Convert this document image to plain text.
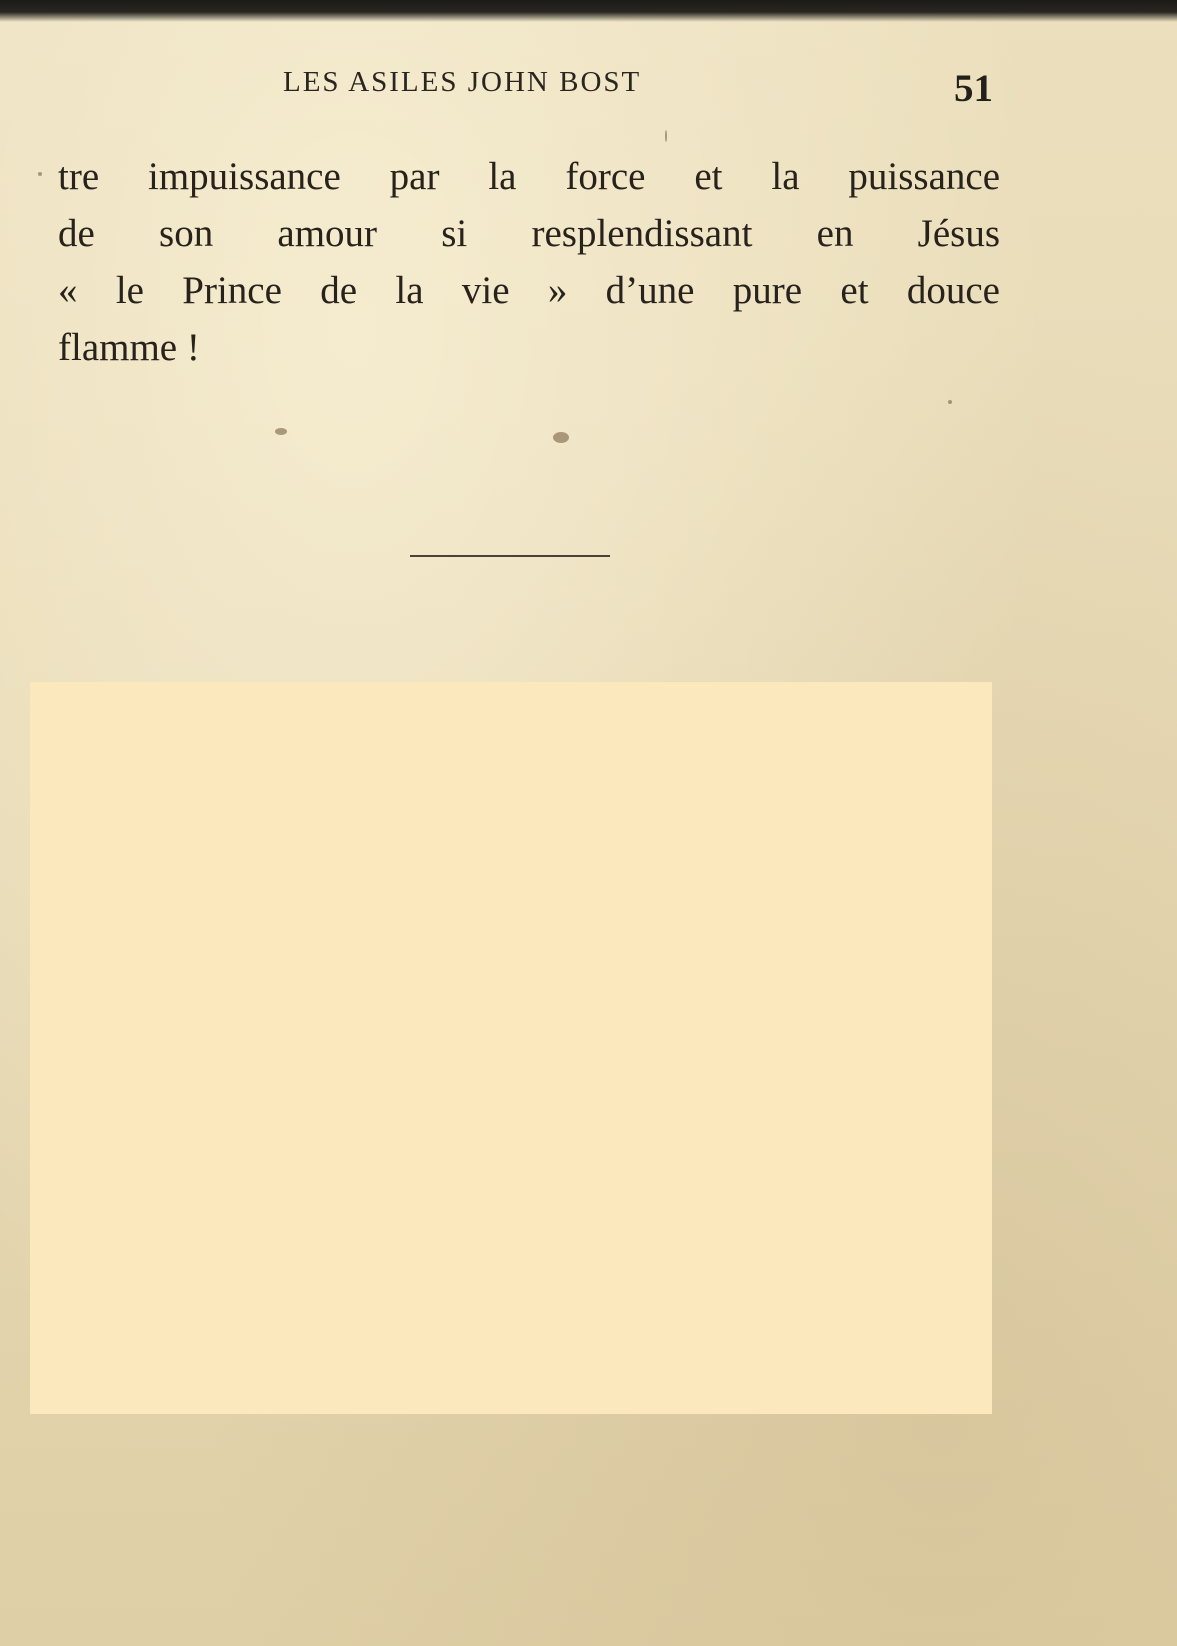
LES ASILES JOHN BOST	51
tre impuissance par la force et la puissance
de son amour si resplendissant en Jésus
« le Prince de la vie » d’une pure et douce
flamme !
